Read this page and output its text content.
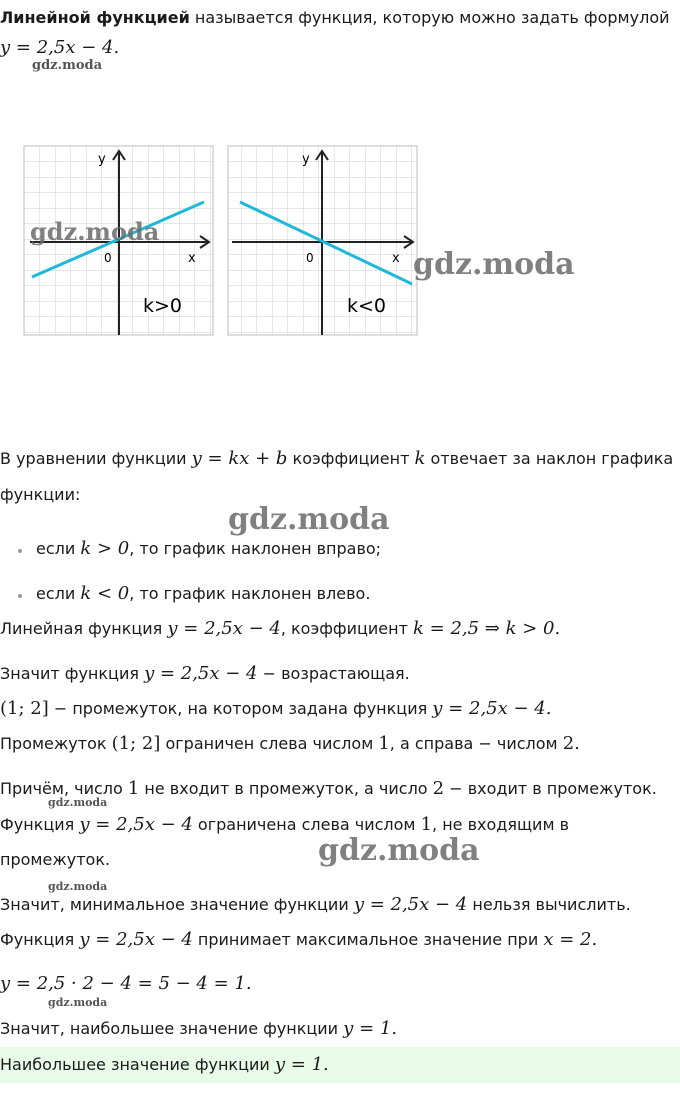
Линейной функцией называется функция, которую можно задать формулой
y = 2,5x − 4.
gdz.moda
y
x
0
k>0
y
x
0
k<0
gdz.moda
gdz.moda
В уравнении функции y = kx + b коэффициент k отвечает за наклон графика
функции:
gdz.moda
если k > 0, то график наклонен вправо;
если k < 0, то график наклонен влево.
Линейная функция y = 2,5x − 4, коэффициент k = 2,5 ⇒ k > 0.
Значит функция y = 2,5x − 4 − возрастающая.
(1; 2] − промежуток, на котором задана функция y = 2,5x − 4.
Промежуток (1; 2] ограничен слева числом 1, а справа − числом 2.
Причём, число 1 не входит в промежуток, а число 2 − входит в промежуток.
gdz.moda
Функция y = 2,5x − 4 ограничена слева числом 1, не входящим в
промежуток.	gdz.moda
gdz.moda
Значит, минимальное значение функции y = 2,5x − 4 нельзя вычислить.
Функция y = 2,5x − 4 принимает максимальное значение при x = 2.
y = 2,5 · 2 − 4 = 5 − 4 = 1.
gdz.moda
Значит, наибольшее значение функции y = 1.
Наибольшее значение функции y = 1.
